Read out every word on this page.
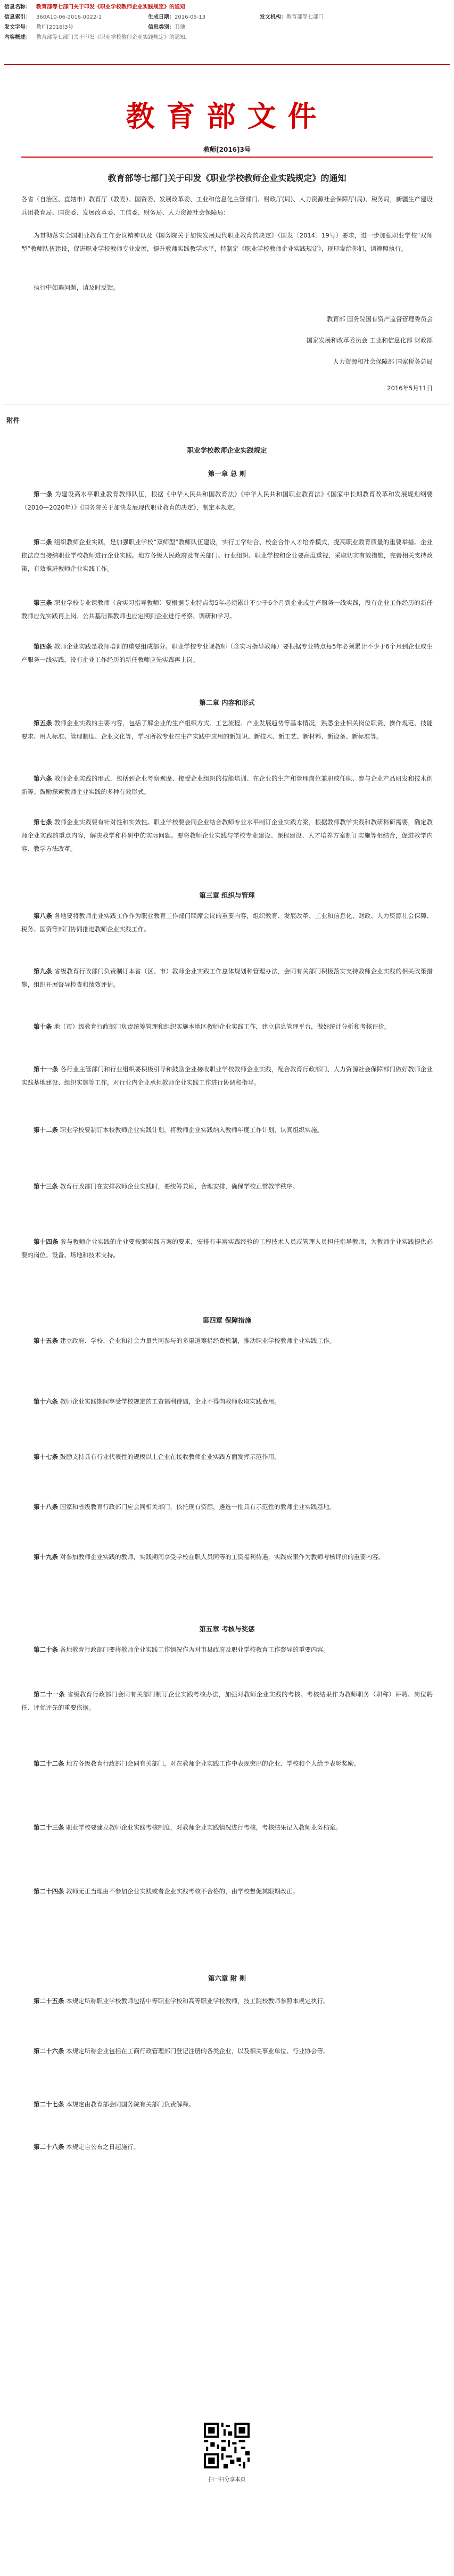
信息名称：	教育部等七部门关于印发《职业学校教师企业实践规定》的通知
信息索引：	360A10-06-2016-0022-1	生成日期：2016-05-13	发文机构：教育部等七部门
发文字号：	教师[2016]3号	信息类别：其他
内容概述：	教育部等七部门关于印发《职业学校教师企业实践规定》的通知。
教育部文件
教师[2016]3号
教育部等七部门关于印发《职业学校教师企业实践规定》的通知
各省（自治区、直辖市）教育厅（教委）、国资委、发展改革委、工业和信息化主管部门、财政厅(局)、人力资源社会保障厅(局)、税务局，新疆生产建设兵团教育局、国资委、发展改革委、工信委、财务局、人力资源社会保障局：
为贯彻落实全国职业教育工作会议精神以及《国务院关于加快发展现代职业教育的决定》（国发〔2014〕19号）要求，进一步加强职业学校“双师型”教师队伍建设，促进职业学校教师专业发展，提升教师实践教学水平，特制定《职业学校教师企业实践规定》，现印发给你们，请遵照执行。
执行中如遇问题，请及时反馈。
教育部 国务院国有资产监督管理委员会
国家发展和改革委员会 工业和信息化部 财政部
人力资源和社会保障部 国家税务总局
2016年5月11日
附件
职业学校教师企业实践规定
第一章 总 则
第一条 为建设高水平职业教育教师队伍，根据《中华人民共和国教育法》《中华人民共和国职业教育法》《国家中长期教育改革和发展规划纲要（2010—2020年）》《国务院关于加快发展现代职业教育的决定》，制定本规定。
第二条 组织教师企业实践，是加强职业学校“双师型”教师队伍建设，实行工学结合、校企合作人才培养模式，提高职业教育质量的重要举措。企业依法应当接纳职业学校教师进行企业实践。地方各级人民政府及有关部门、行业组织、职业学校和企业要高度重视，采取切实有效措施，完善相关支持政策，有效推进教师企业实践工作。
第三条 职业学校专业课教师（含实习指导教师）要根据专业特点每5年必须累计不少于6个月到企业或生产服务一线实践，没有企业工作经历的新任教师应先实践再上岗。公共基础课教师也应定期到企业进行考察、调研和学习。
第四条 教师企业实践是教师培训的重要组成部分。职业学校专业课教师（含实习指导教师）要根据专业特点每5年必须累计不少于6个月到企业或生产服务一线实践，没有企业工作经历的新任教师应先实践再上岗。
第二章 内容和形式
第五条 教师企业实践的主要内容，包括了解企业的生产组织方式、工艺流程、产业发展趋势等基本情况，熟悉企业相关岗位职责、操作规范、技能要求、用人标准、管理制度、企业文化等，学习所教专业在生产实践中应用的新知识、新技术、新工艺、新材料、新设备、新标准等。
第六条 教师企业实践的形式，包括到企业考察观摩、接受企业组织的技能培训、在企业的生产和管理岗位兼职或任职、参与企业产品研发和技术创新等。鼓励探索教师企业实践的多种有效形式。
第七条 教师企业实践要有针对性和实效性。职业学校要会同企业结合教师专业水平制订企业实践方案，根据教师教学实践和教研科研需要，确定教师企业实践的重点内容，解决教学和科研中的实际问题。要将教师企业实践与学校专业建设、课程建设、人才培养方案制订实施等相结合，促进教学内容、教学方法改革。
第三章 组织与管理
第八条 各地要将教师企业实践工作作为职业教育工作部门联席会议的重要内容，组织教育、发展改革、工业和信息化、财政、人力资源社会保障、税务、国资等部门协同推进教师企业实践工作。
第九条 省级教育行政部门负责制订本省（区、市）教师企业实践工作总体规划和管理办法，会同有关部门积极落实支持教师企业实践的相关政策措施，组织开展督导检查和绩效评估。
第十条 地（市）级教育行政部门负责统筹管理和组织实施本地区教师企业实践工作，建立信息管理平台，做好统计分析和考核评价。
第十一条 各行业主管部门和行业组织要积极引导和鼓励企业接收职业学校教师企业实践，配合教育行政部门、人力资源社会保障部门做好教师企业实践基地建设、组织实施等工作，对行业内企业承担教师企业实践工作进行协调和指导。
第十二条 职业学校要制订本校教师企业实践计划，将教师企业实践纳入教师年度工作计划，认真组织实施。
第十三条 教育行政部门在安排教师企业实践时，要统筹兼顾，合理安排，确保学校正常教学秩序。
第十四条 参与教师企业实践的企业要按照实践方案的要求，安排有丰富实践经验的工程技术人员或管理人员担任指导教师，为教师企业实践提供必要的岗位、设备、场地和技术支持。
第四章 保障措施
第十五条 建立政府、学校、企业和社会力量共同参与的多渠道筹措经费机制，推动职业学校教师企业实践工作。
第十六条 教师企业实践期间享受学校规定的工资福利待遇，企业不得向教师收取实践费用。
第十七条 鼓励支持具有行业代表性的规模以上企业在接收教师企业实践方面发挥示范作用。
第十八条 国家和省级教育行政部门应会同相关部门，依托现有资源，遴选一批具有示范性的教师企业实践基地。
第十九条 对参加教师企业实践的教师，实践期间享受学校在职人员同等的工资福利待遇，实践成果作为教师考核评价的重要内容。
第五章 考核与奖惩
第二十条 各地教育行政部门要将教师企业实践工作情况作为对市县政府及职业学校教育工作督导的重要内容。
第二十一条 省级教育行政部门会同有关部门制订企业实践考核办法，加强对教师企业实践的考核。考核结果作为教师职务（职称）评聘、岗位聘任、评优评先的重要依据。
第二十二条 地方各级教育行政部门会同有关部门，对在教师企业实践工作中表现突出的企业、学校和个人给予表彰奖励。
第二十三条 职业学校要建立教师企业实践考核制度，对教师企业实践情况进行考核，考核结果记入教师业务档案。
第二十四条 教师无正当理由不参加企业实践或者企业实践考核不合格的，由学校督促其限期改正。
第六章 附 则
第二十五条 本规定所称职业学校教师包括中等职业学校和高等职业学校教师，技工院校教师参照本规定执行。
第二十六条 本规定所称企业包括在工商行政管理部门登记注册的各类企业，以及相关事业单位、行业协会等。
第二十七条 本规定由教育部会同国务院有关部门负责解释。
第二十八条 本规定自公布之日起施行。
扫一扫分享本页
